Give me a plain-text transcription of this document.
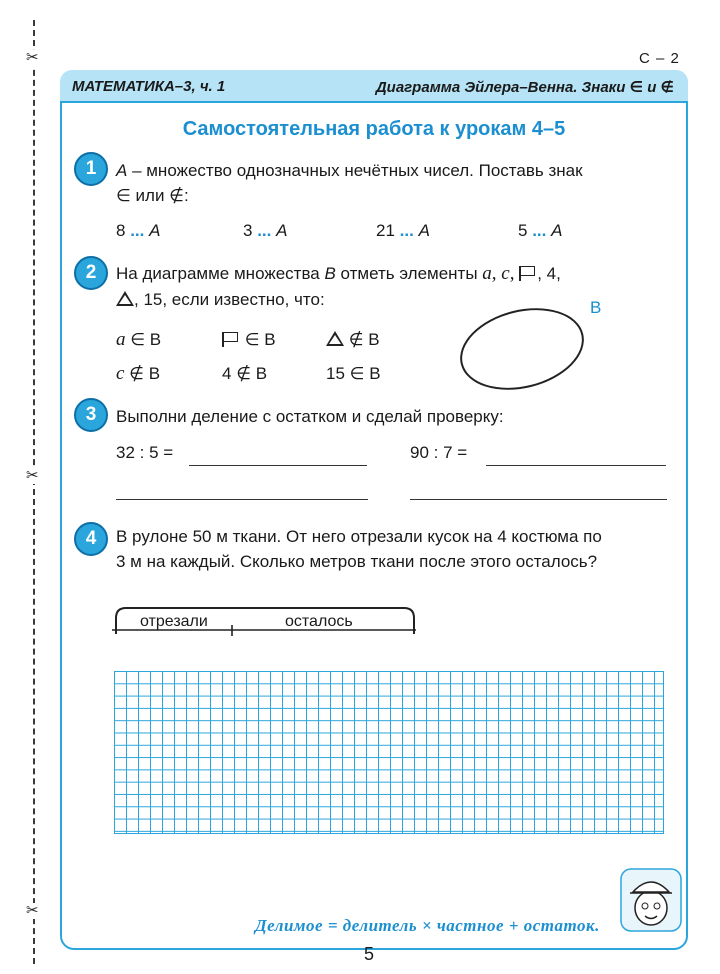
✂
✂
✂
С – 2
МАТЕМАТИКА–3, ч. 1	Диаграмма Эйлера–Венна. Знаки ∈ и ∉
Самостоятельная работа к урокам 4–5
1	А – множество однозначных нечётных чисел. Поставь знак
∈ или ∉:
8 ... А	3 ... А	21 ... А	5 ... А
2	На диаграмме множества В отметь элементы a, c, , 4,
, 15, если известно, что:	В
a ∈ В	∈ В	∉ В
c ∉ В	4 ∉ В	15 ∈ В
3	Выполни деление с остатком и сделай проверку:
32 : 5 =	90 : 7 =
4	В рулоне 50 м ткани. От него отрезали кусок на 4 костюма по
3 м на каждый. Сколько метров ткани после этого осталось?
отрезали	осталось
Делимое = делитель × частное + остаток.
5
